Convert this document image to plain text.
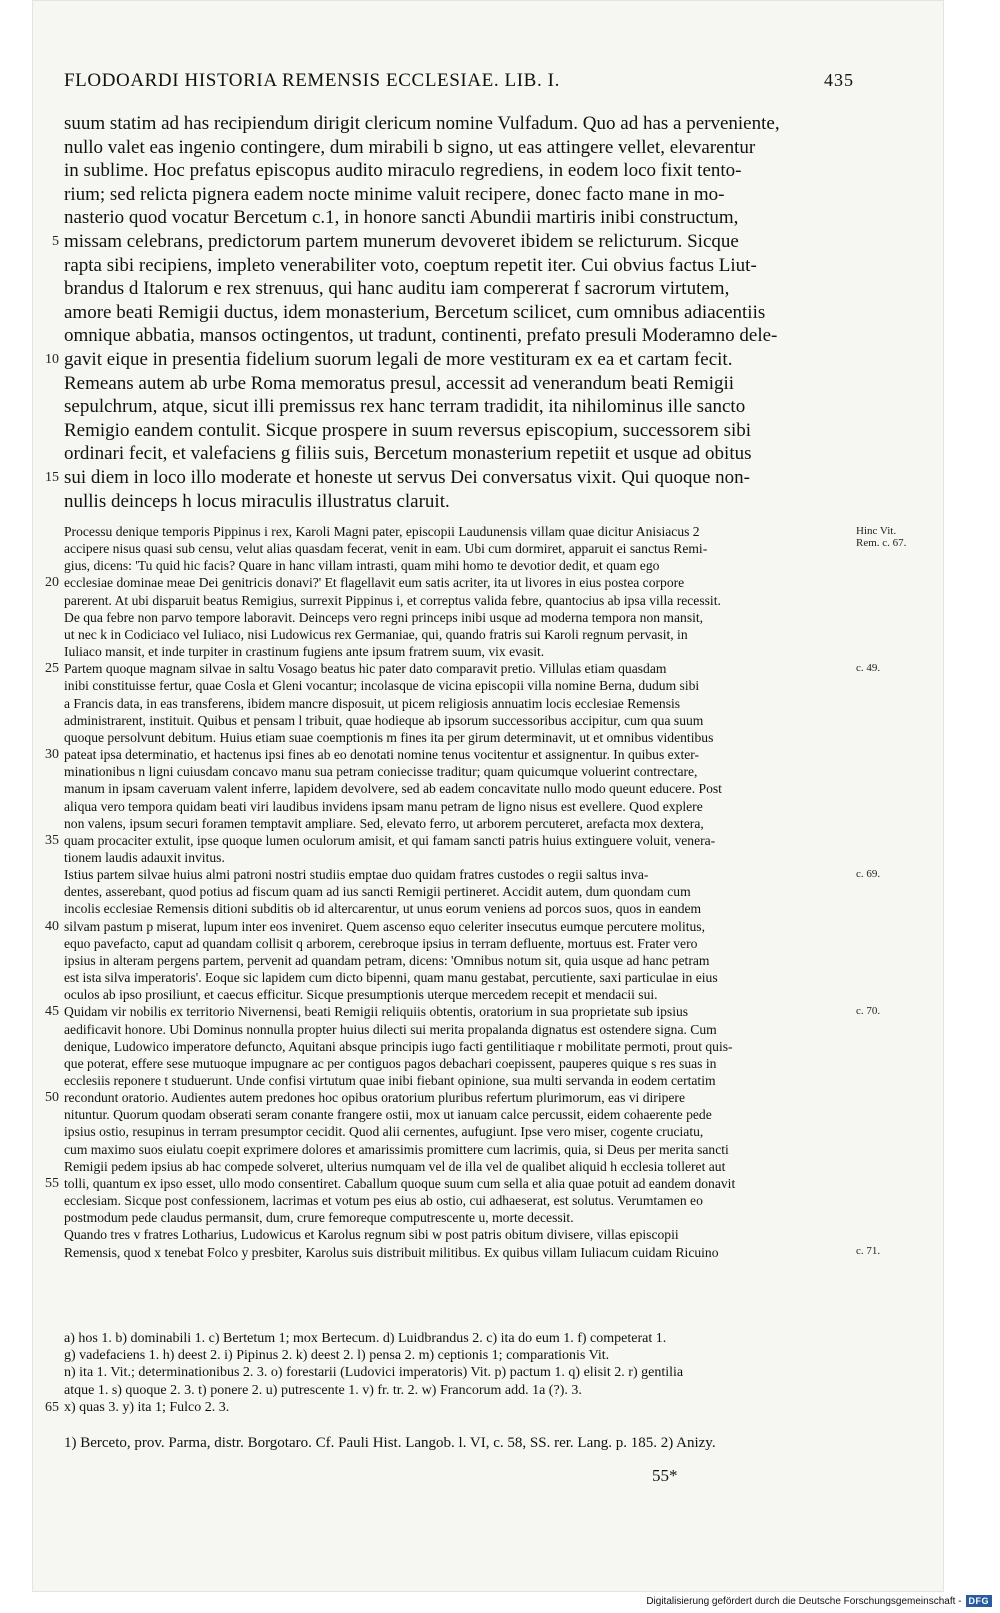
FLODOARDI HISTORIA REMENSIS ECCLESIAE. LIB. I.	435
suum statim ad has recipiendum dirigit clericum nomine Vulfadum. Quo ad has a perveniente,
nullo valet eas ingenio contingere, dum mirabili b signo, ut eas attingere vellet, elevarentur
in sublime. Hoc prefatus episcopus audito miraculo regrediens, in eodem loco fixit tento-
rium; sed relicta pignera eadem nocte minime valuit recipere, donec facto mane in mo-
nasterio quod vocatur Bercetum c.1, in honore sancti Abundii martiris inibi constructum,
missam celebrans, predictorum partem munerum devoveret ibidem se relicturum. Sicque
5
rapta sibi recipiens, impleto venerabiliter voto, coeptum repetit iter. Cui obvius factus Liut-
brandus d Italorum e rex strenuus, qui hanc auditu iam compererat f sacrorum virtutem,
amore beati Remigii ductus, idem monasterium, Bercetum scilicet, cum omnibus adiacentiis
omnique abbatia, mansos octingentos, ut tradunt, continenti, prefato presuli Moderamno dele-
gavit eique in presentia fidelium suorum legali de more vestituram ex ea et cartam fecit.
10
Remeans autem ab urbe Roma memoratus presul, accessit ad venerandum beati Remigii
sepulchrum, atque, sicut illi premissus rex hanc terram tradidit, ita nihilominus ille sancto
Remigio eandem contulit. Sicque prospere in suum reversus episcopium, successorem sibi
ordinari fecit, et valefaciens g filiis suis, Bercetum monasterium repetiit et usque ad obitus
sui diem in loco illo moderate et honeste ut servus Dei conversatus vixit. Qui quoque non-
15
nullis deinceps h locus miraculis illustratus claruit.
Processu denique temporis Pippinus i rex, Karoli Magni pater, episcopii Laudunensis villam quae dicitur Anisiacus 2
accipere nisus quasi sub censu, velut alias quasdam fecerat, venit in eam. Ubi cum dormiret, apparuit ei sanctus Remi-
gius, dicens: 'Tu quid hic facis? Quare in hanc villam intrasti, quam mihi homo te devotior dedit, et quam ego
ecclesiae dominae meae Dei genitricis donavi?' Et flagellavit eum satis acriter, ita ut livores in eius postea corpore
20
parerent. At ubi disparuit beatus Remigius, surrexit Pippinus i, et correptus valida febre, quantocius ab ipsa villa recessit.
De qua febre non parvo tempore laboravit. Deinceps vero regni princeps inibi usque ad moderna tempora non mansit,
ut nec k in Codiciaco vel Iuliaco, nisi Ludowicus rex Germaniae, qui, quando fratris sui Karoli regnum pervasit, in
Iuliaco mansit, et inde turpiter in crastinum fugiens ante ipsum fratrem suum, vix evasit.
Partem quoque magnam silvae in saltu Vosago beatus hic pater dato comparavit pretio. Villulas etiam quasdam
25
inibi constituisse fertur, quae Cosla et Gleni vocantur; incolasque de vicina episcopii villa nomine Berna, dudum sibi
a Francis data, in eas transferens, ibidem mancre disposuit, ut picem religiosis annuatim locis ecclesiae Remensis
administrarent, instituit. Quibus et pensam l tribuit, quae hodieque ab ipsorum successoribus accipitur, cum qua suum
quoque persolvunt debitum. Huius etiam suae coemptionis m fines ita per girum determinavit, ut et omnibus videntibus
pateat ipsa determinatio, et hactenus ipsi fines ab eo denotati nomine tenus vocitentur et assignentur. In quibus exter-
30
minationibus n ligni cuiusdam concavo manu sua petram coniecisse traditur; quam quicumque voluerint contrectare,
manum in ipsam caveruam valent inferre, lapidem devolvere, sed ab eadem concavitate nullo modo queunt educere. Post
aliqua vero tempora quidam beati viri laudibus invidens ipsam manu petram de ligno nisus est evellere. Quod explere
non valens, ipsum securi foramen temptavit ampliare. Sed, elevato ferro, ut arborem percuteret, arefacta mox dextera,
quam procaciter extulit, ipse quoque lumen oculorum amisit, et qui famam sancti patris huius extinguere voluit, venera-
35
tionem laudis adauxit invitus.
Istius partem silvae huius almi patroni nostri studiis emptae duo quidam fratres custodes o regii saltus inva-
dentes, asserebant, quod potius ad fiscum quam ad ius sancti Remigii pertineret. Accidit autem, dum quondam cum
incolis ecclesiae Remensis ditioni subditis ob id altercarentur, ut unus eorum veniens ad porcos suos, quos in eandem
silvam pastum p miserat, lupum inter eos inveniret. Quem ascenso equo celeriter insecutus eumque percutere molitus,
40
equo pavefacto, caput ad quandam collisit q arborem, cerebroque ipsius in terram defluente, mortuus est. Frater vero
ipsius in alteram pergens partem, pervenit ad quandam petram, dicens: 'Omnibus notum sit, quia usque ad hanc petram
est ista silva imperatoris'. Eoque sic lapidem cum dicto bipenni, quam manu gestabat, percutiente, saxi particulae in eius
oculos ab ipso prosiliunt, et caecus efficitur. Sicque presumptionis uterque mercedem recepit et mendacii sui.
Quidam vir nobilis ex territorio Nivernensi, beati Remigii reliquiis obtentis, oratorium in sua proprietate sub ipsius
45
aedificavit honore. Ubi Dominus nonnulla propter huius dilecti sui merita propalanda dignatus est ostendere signa. Cum
denique, Ludowico imperatore defuncto, Aquitani absque principis iugo facti gentilitiaque r mobilitate permoti, prout quis-
que poterat, effere sese mutuoque impugnare ac per contiguos pagos debachari coepissent, pauperes quique s res suas in
ecclesiis reponere t studuerunt. Unde confisi virtutum quae inibi fiebant opinione, sua multi servanda in eodem certatim
recondunt oratorio. Audientes autem predones hoc opibus oratorium pluribus refertum plurimorum, eas vi diripere
50
nituntur. Quorum quodam obserati seram conante frangere ostii, mox ut ianuam calce percussit, eidem cohaerente pede
ipsius ostio, resupinus in terram presumptor cecidit. Quod alii cernentes, aufugiunt. Ipse vero miser, cogente cruciatu,
cum maximo suos eiulatu coepit exprimere dolores et amarissimis promittere cum lacrimis, quia, si Deus per merita sancti
Remigii pedem ipsius ab hac compede solveret, ulterius numquam vel de illa vel de qualibet aliquid h ecclesia tolleret aut
tolli, quantum ex ipso esset, ullo modo consentiret. Caballum quoque suum cum sella et alia quae potuit ad eandem donavit
55
ecclesiam. Sicque post confessionem, lacrimas et votum pes eius ab ostio, cui adhaeserat, est solutus. Verumtamen eo
postmodum pede claudus permansit, dum, crure femoreque computrescente u, morte decessit.
Quando tres v fratres Lotharius, Ludowicus et Karolus regnum sibi w post patris obitum divisere, villas episcopii
Remensis, quod x tenebat Folco y presbiter, Karolus suis distribuit militibus. Ex quibus villam Iuliacum cuidam Ricuino
Hinc Vit. Rem. c. 67.
c. 49.
c. 69.
c. 70.
c. 71.
a) hos 1. b) dominabili 1. c) Bertetum 1; mox Bertecum. d) Luidbrandus 2. c) ita do eum 1. f) competerat 1.
g) vadefaciens 1. h) deest 2. i) Pipinus 2. k) deest 2. l) pensa 2. m) ceptionis 1; comparationis Vit.
n) ita 1. Vit.; determinationibus 2. 3. o) forestarii (Ludovici imperatoris) Vit. p) pactum 1. q) elisit 2. r) gentilia
atque 1. s) quoque 2. 3. t) ponere 2. u) putrescente 1. v) fr. tr. 2. w) Francorum add. 1a (?). 3.
x) quas 3. y) ita 1; Fulco 2. 3.
65
1) Berceto, prov. Parma, distr. Borgotaro. Cf. Pauli Hist. Langob. l. VI, c. 58, SS. rer. Lang. p. 185. 2) Anizy.
55*
Digitalisierung gefördert durch die Deutsche Forschungsgemeinschaft - DFG
